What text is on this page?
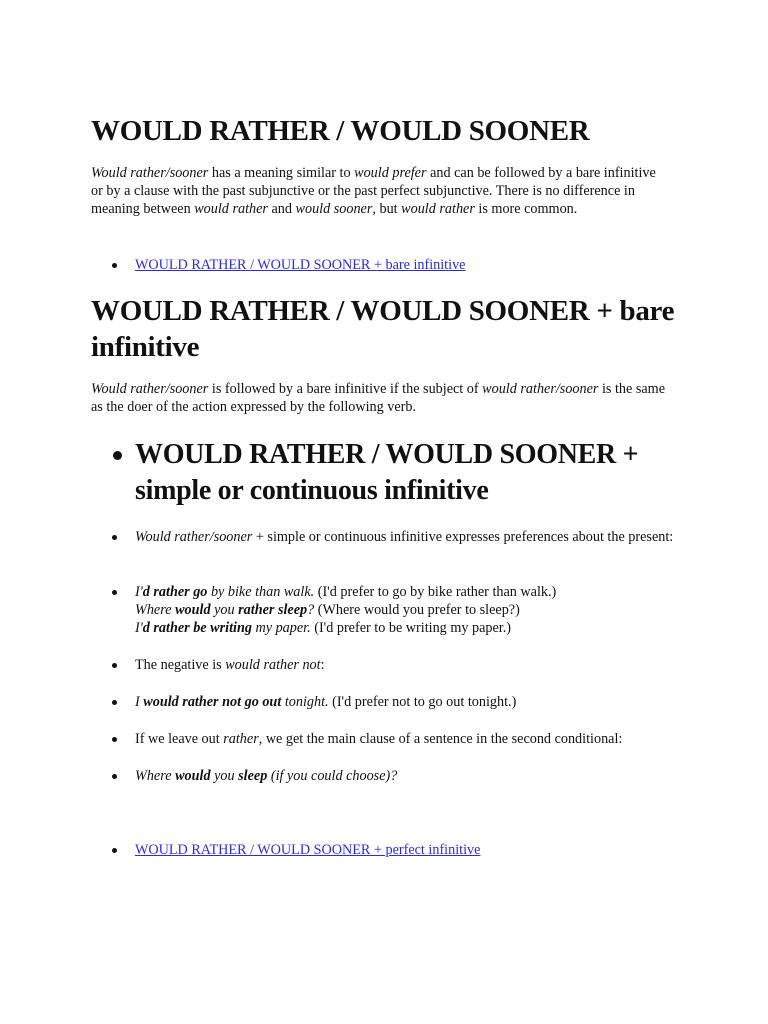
WOULD RATHER / WOULD SOONER

Would rather/sooner has a meaning similar to would prefer and can be followed by a bare infinitive or by a clause with the past subjunctive or the past perfect subjunctive. There is no difference in meaning between would rather and would sooner, but would rather is more common.

WOULD RATHER / WOULD SOONER + bare infinitive
WOULD RATHER / WOULD SOONER + bare infinitive

Would rather/sooner is followed by a bare infinitive if the subject of would rather/sooner is the same as the doer of the action expressed by the following verb.

WOULD RATHER / WOULD SOONER + simple or continuous infinitive
Would rather/sooner + simple or continuous infinitive expresses preferences about the present:
I'd rather go by bike than walk. (I'd prefer to go by bike rather than walk.)
Where would you rather sleep? (Where would you prefer to sleep?)
I'd rather be writing my paper. (I'd prefer to be writing my paper.)
The negative is would rather not:
I would rather not go out tonight. (I'd prefer not to go out tonight.)
If we leave out rather, we get the main clause of a sentence in the second conditional:
Where would you sleep (if you could choose)?
WOULD RATHER / WOULD SOONER + perfect infinitive
